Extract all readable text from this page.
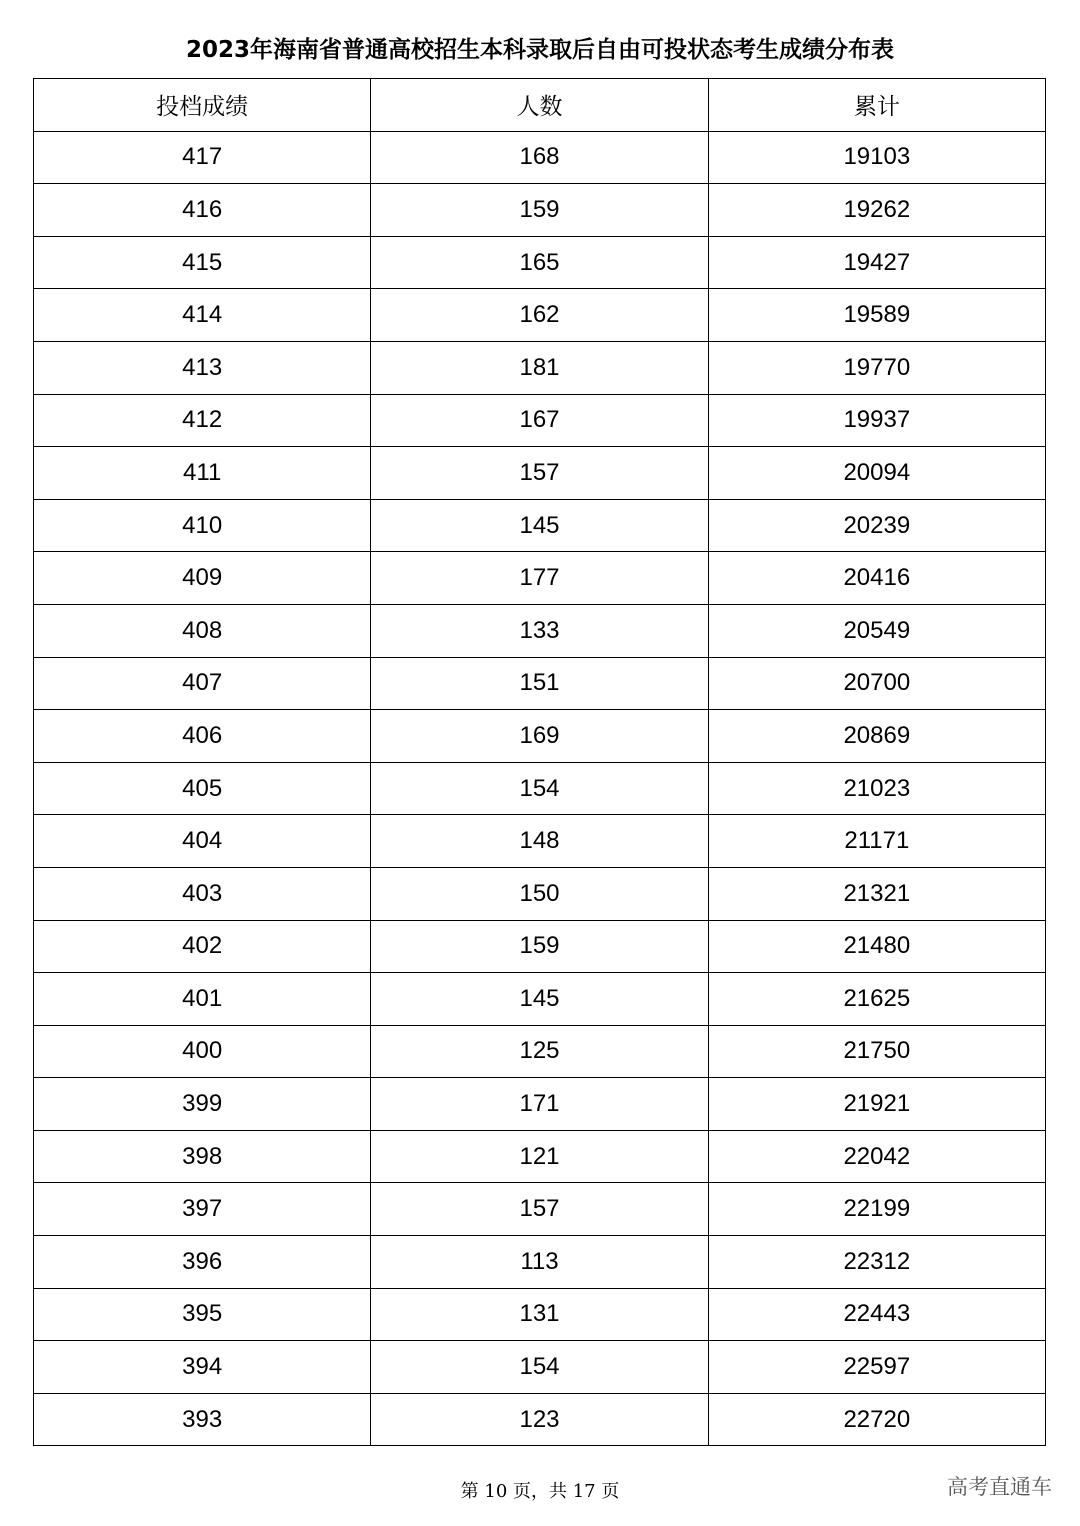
2023年海南省普通高校招生本科录取后自由可投状态考生成绩分布表
投档成绩	人数	累计
417	168	19103
416	159	19262
415	165	19427
414	162	19589
413	181	19770
412	167	19937
411	157	20094
410	145	20239
409	177	20416
408	133	20549
407	151	20700
406	169	20869
405	154	21023
404	148	21171
403	150	21321
402	159	21480
401	145	21625
400	125	21750
399	171	21921
398	121	22042
397	157	22199
396	113	22312
395	131	22443
394	154	22597
393	123	22720
第 10 页，共 17 页	高考直通车
